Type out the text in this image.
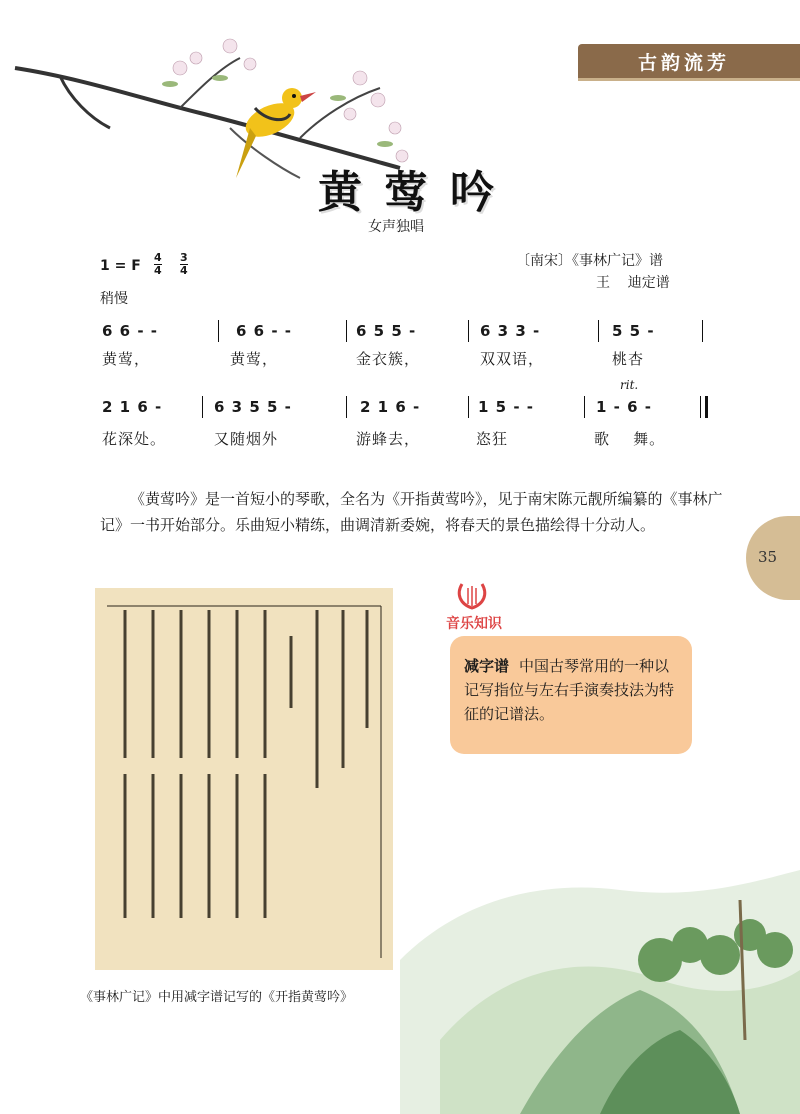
古韵流芳
黄莺吟
女声独唱
1 = F
4
4
3
4
稍慢
〔南宋〕《事林广记》谱
王    迪定谱
6 6 - -	6 6 - -	6 5 5 -	6 3 3 -	5 5 -
黄莺，	黄莺，	金衣簇，	双双语，	桃杏
rit.
2 1 6 -	6 3 5 5 -	2 1 6 -	1 5 - -	1 - 6 -
花深处。	又随烟外	游蜂去，	恣狂	歌    舞。
《黄莺吟》是一首短小的琴歌，全名为《开指黄莺吟》，见于南宋陈元靓所编纂的《事林广记》一书开始部分。乐曲短小精练，曲调清新委婉，将春天的景色描绘得十分动人。
35
《事林广记》中用减字谱记写的《开指黄莺吟》
音乐知识
减字谱 中国古琴常用的一种以记写指位与左右手演奏技法为特征的记谱法。
